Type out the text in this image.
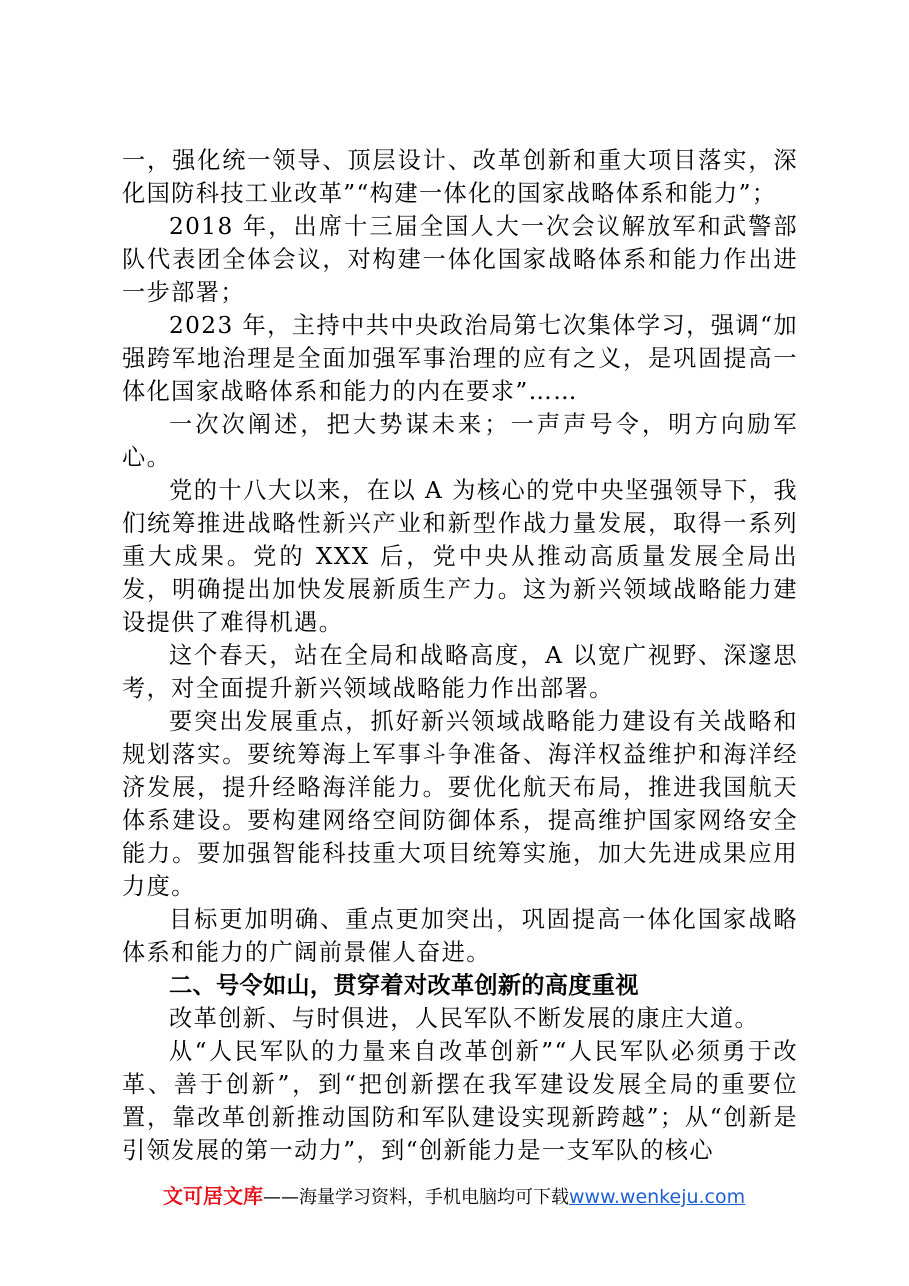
一，强化统一领导、顶层设计、改革创新和重大项目落实，深化国防科技工业改革”“构建一体化的国家战略体系和能力”；

2018 年，出席十三届全国人大一次会议解放军和武警部队代表团全体会议，对构建一体化国家战略体系和能力作出进一步部署；

2023 年，主持中共中央政治局第七次集体学习，强调“加强跨军地治理是全面加强军事治理的应有之义，是巩固提高一体化国家战略体系和能力的内在要求”……

一次次阐述，把大势谋未来；一声声号令，明方向励军心。

党的十八大以来，在以 A 为核心的党中央坚强领导下，我们统筹推进战略性新兴产业和新型作战力量发展，取得一系列重大成果。党的 XXX 后，党中央从推动高质量发展全局出发，明确提出加快发展新质生产力。这为新兴领域战略能力建设提供了难得机遇。

这个春天，站在全局和战略高度，A 以宽广视野、深邃思考，对全面提升新兴领域战略能力作出部署。

要突出发展重点，抓好新兴领域战略能力建设有关战略和规划落实。要统筹海上军事斗争准备、海洋权益维护和海洋经济发展，提升经略海洋能力。要优化航天布局，推进我国航天体系建设。要构建网络空间防御体系，提高维护国家网络安全能力。要加强智能科技重大项目统筹实施，加大先进成果应用力度。

目标更加明确、重点更加突出，巩固提高一体化国家战略体系和能力的广阔前景催人奋进。

二、号令如山，贯穿着对改革创新的高度重视

改革创新、与时俱进，人民军队不断发展的康庄大道。

从“人民军队的力量来自改革创新”“人民军队必须勇于改革、善于创新”，到“把创新摆在我军建设发展全局的重要位置，靠改革创新推动国防和军队建设实现新跨越”；从“创新是引领发展的第一动力”，到“创新能力是一支军队的核心

文可居文库——海量学习资料，手机电脑均可下载www.wenkeju.com
